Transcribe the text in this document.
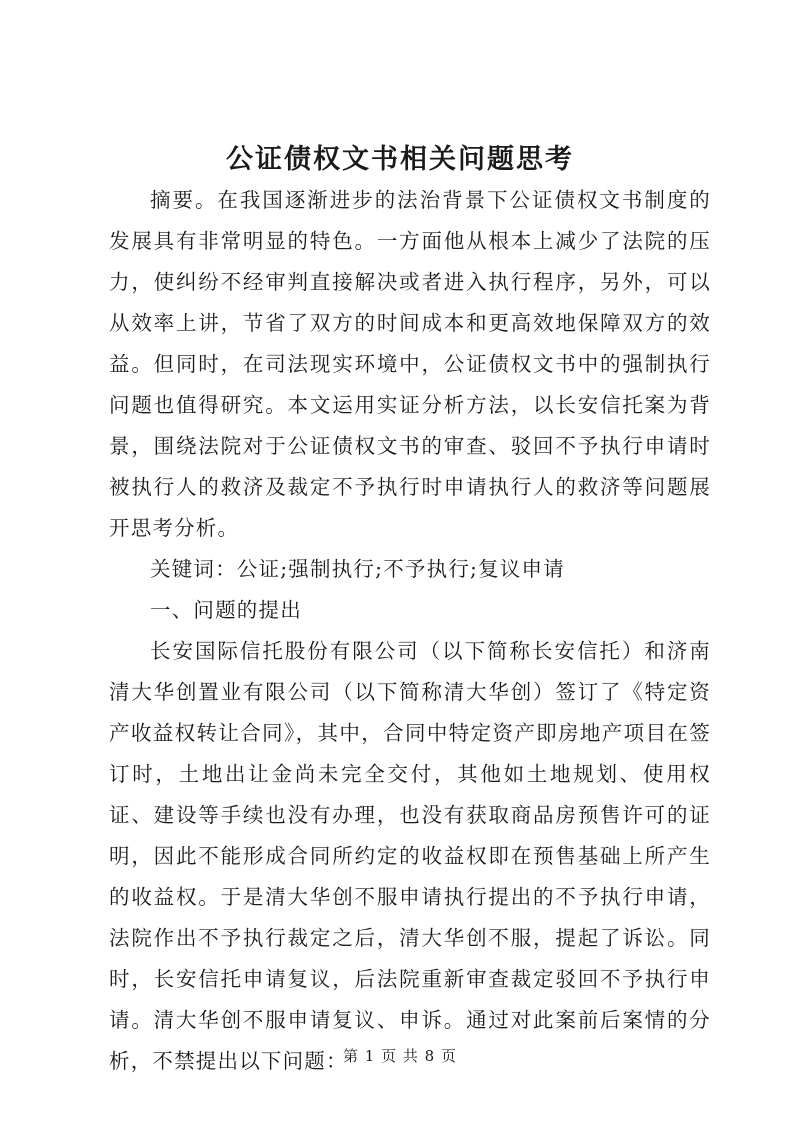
公证债权文书相关问题思考

摘要。在我国逐渐进步的法治背景下公证债权文书制度的发展具有非常明显的特色。一方面他从根本上减少了法院的压力，使纠纷不经审判直接解决或者进入执行程序，另外，可以从效率上讲，节省了双方的时间成本和更高效地保障双方的效益。但同时，在司法现实环境中，公证债权文书中的强制执行问题也值得研究。本文运用实证分析方法，以长安信托案为背景，围绕法院对于公证债权文书的审查、驳回不予执行申请时被执行人的救济及裁定不予执行时申请执行人的救济等问题展开思考分析。

关键词：公证;强制执行;不予执行;复议申请

一、问题的提出

长安国际信托股份有限公司（以下简称长安信托）和济南清大华创置业有限公司（以下简称清大华创）签订了《特定资产收益权转让合同》，其中，合同中特定资产即房地产项目在签订时，土地出让金尚未完全交付，其他如土地规划、使用权证、建设等手续也没有办理，也没有获取商品房预售许可的证明，因此不能形成合同所约定的收益权即在预售基础上所产生的收益权。于是清大华创不服申请执行提出的不予执行申请，法院作出不予执行裁定之后，清大华创不服，提起了诉讼。同时，长安信托申请复议，后法院重新审查裁定驳回不予执行申请。清大华创不服申请复议、申诉。通过对此案前后案情的分析，不禁提出以下问题：

第 1 页 共 8 页
